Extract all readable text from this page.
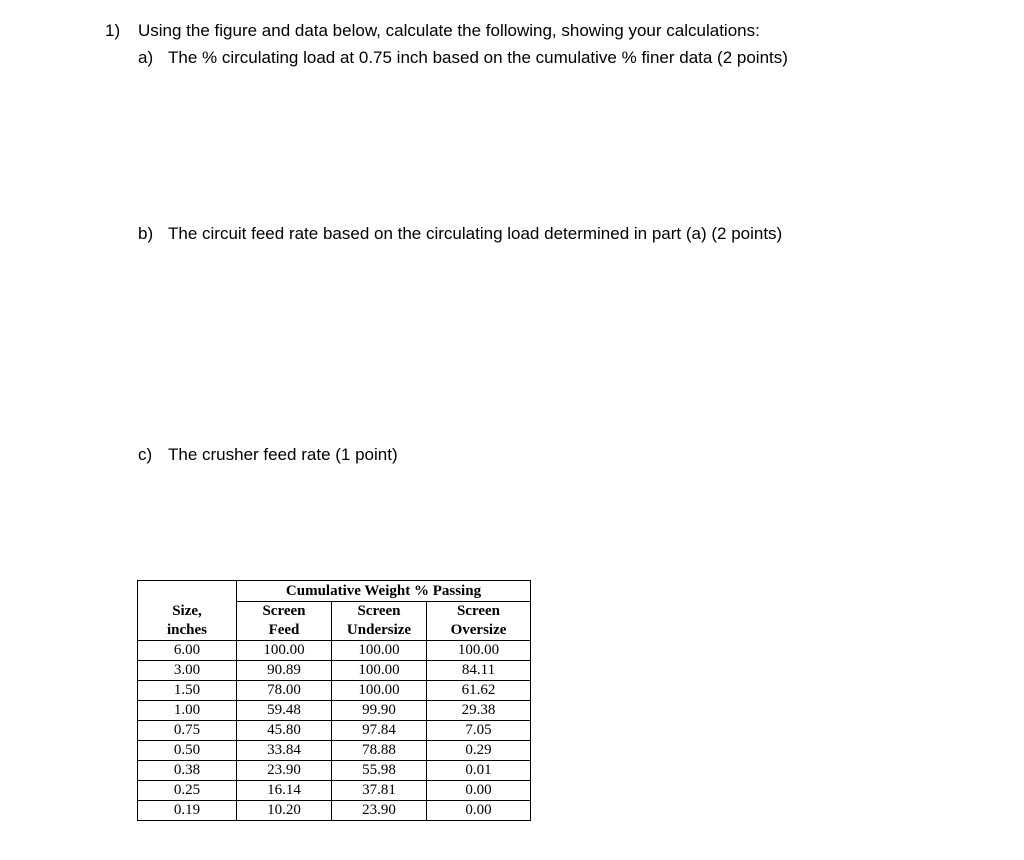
1) Using the figure and data below, calculate the following, showing your calculations:
a) The % circulating load at 0.75 inch based on the cumulative % finer data (2 points)
b) The circuit feed rate based on the circulating load determined in part (a) (2 points)
c) The crusher feed rate (1 point)
	Cumulative Weight % Passing		
Size,	Screen	Screen	Screen
inches	Feed	Undersize	Oversize
6.00	100.00	100.00	100.00
3.00	90.89	100.00	84.11
1.50	78.00	100.00	61.62
1.00	59.48	99.90	29.38
0.75	45.80	97.84	7.05
0.50	33.84	78.88	0.29
0.38	23.90	55.98	0.01
0.25	16.14	37.81	0.00
0.19	10.20	23.90	0.00
